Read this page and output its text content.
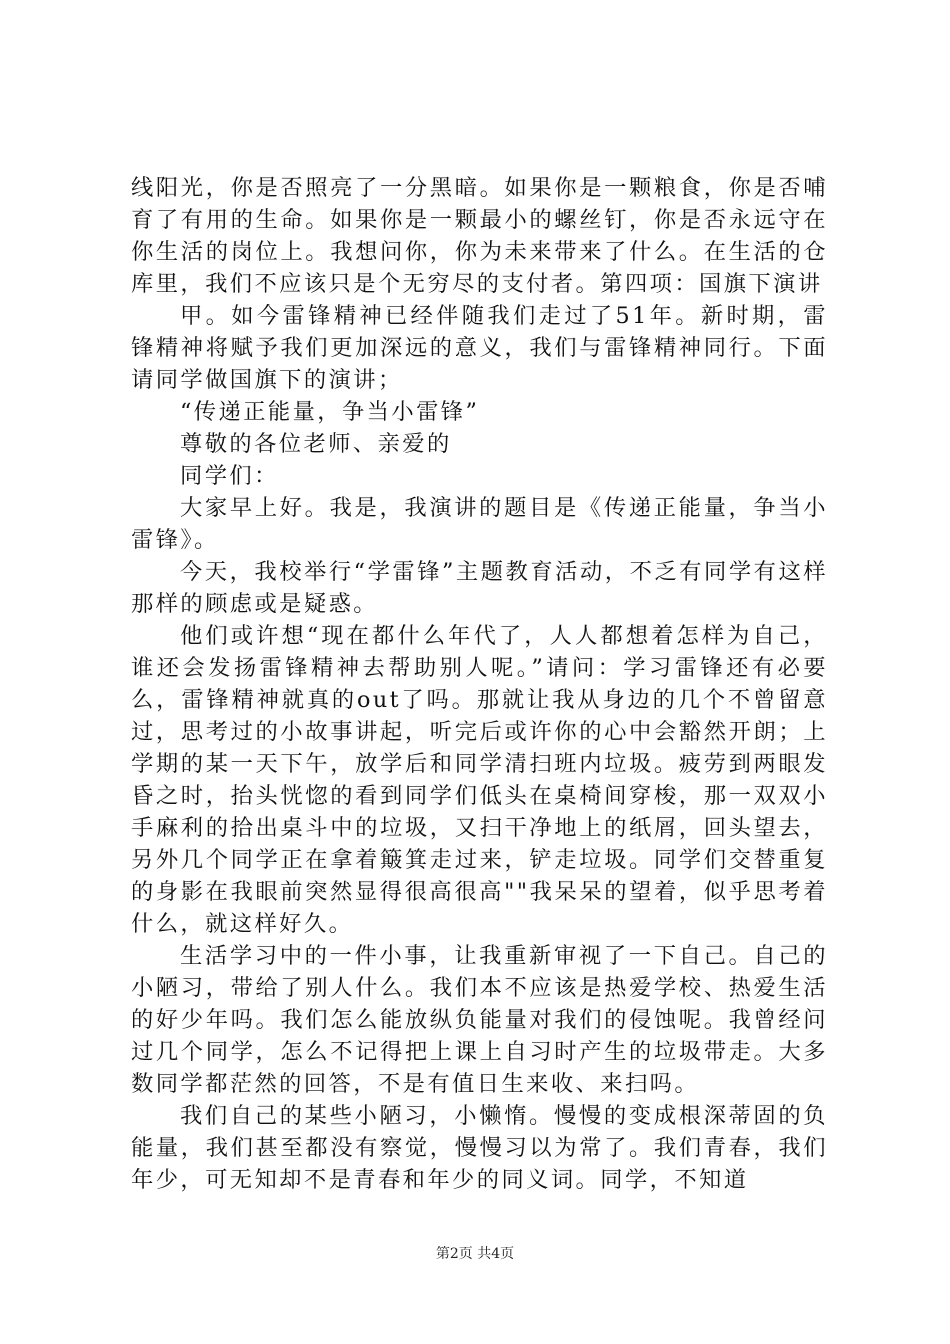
线阳光，你是否照亮了一分黑暗。如果你是一颗粮食，你是否哺育了有用的生命。如果你是一颗最小的螺丝钉，你是否永远守在你生活的岗位上。我想问你，你为未来带来了什么。在生活的仓库里，我们不应该只是个无穷尽的支付者。第四项：国旗下演讲

甲。如今雷锋精神已经伴随我们走过了51年。新时期，雷锋精神将赋予我们更加深远的意义，我们与雷锋精神同行。下面请同学做国旗下的演讲；

“传递正能量，争当小雷锋”

尊敬的各位老师、亲爱的

同学们：

大家早上好。我是，我演讲的题目是《传递正能量，争当小雷锋》。

今天，我校举行“学雷锋”主题教育活动，不乏有同学有这样那样的顾虑或是疑惑。

他们或许想“现在都什么年代了，人人都想着怎样为自己，谁还会发扬雷锋精神去帮助别人呢。”请问：学习雷锋还有必要么，雷锋精神就真的out了吗。那就让我从身边的几个不曾留意过，思考过的小故事讲起，听完后或许你的心中会豁然开朗；上学期的某一天下午，放学后和同学清扫班内垃圾。疲劳到两眼发昏之时，抬头恍惚的看到同学们低头在桌椅间穿梭，那一双双小手麻利的拾出桌斗中的垃圾，又扫干净地上的纸屑，回头望去，另外几个同学正在拿着簸箕走过来，铲走垃圾。同学们交替重复的身影在我眼前突然显得很高很高""我呆呆的望着，似乎思考着什么，就这样好久。

生活学习中的一件小事，让我重新审视了一下自己。自己的小陋习，带给了别人什么。我们本不应该是热爱学校、热爱生活的好少年吗。我们怎么能放纵负能量对我们的侵蚀呢。我曾经问过几个同学，怎么不记得把上课上自习时产生的垃圾带走。大多数同学都茫然的回答，不是有值日生来收、来扫吗。

我们自己的某些小陋习，小懒惰。慢慢的变成根深蒂固的负能量，我们甚至都没有察觉，慢慢习以为常了。我们青春，我们年少，可无知却不是青春和年少的同义词。同学，不知道

第2页 共4页
